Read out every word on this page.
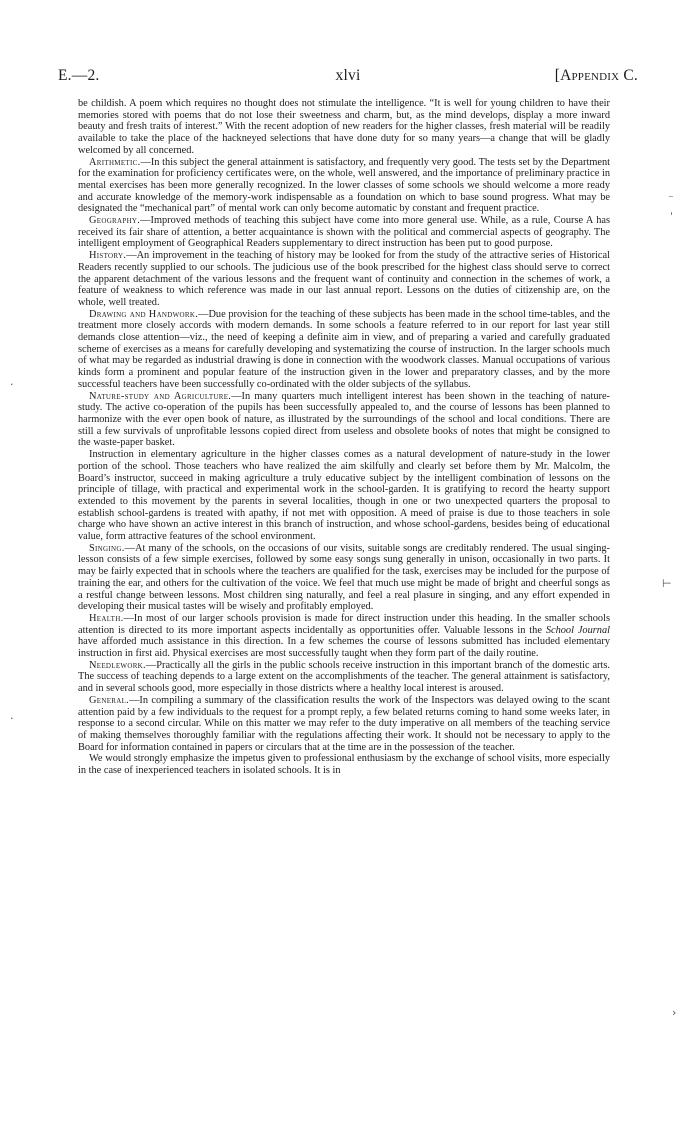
E.—2.	xlvi	[Appendix C.

be childish. A poem which requires no thought does not stimulate the intelligence. “It is well for young children to have their memories stored with poems that do not lose their sweetness and charm, but, as the mind develops, display a more inward beauty and fresh traits of interest.” With the recent adoption of new readers for the higher classes, fresh material will be readily available to take the place of the hackneyed selections that have done duty for so many years—a change that will be gladly welcomed by all concerned.

Arithmetic.—In this subject the general attainment is satisfactory, and frequently very good. The tests set by the Department for the examination for proficiency certificates were, on the whole, well answered, and the importance of preliminary practice in mental exercises has been more generally recognized. In the lower classes of some schools we should welcome a more ready and accurate knowledge of the memory-work indispensable as a foundation on which to base sound progress. What may be designated the “mechanical part” of mental work can only become automatic by constant and frequent practice.

Geography.—Improved methods of teaching this subject have come into more general use. While, as a rule, Course A has received its fair share of attention, a better acquaintance is shown with the political and commercial aspects of geography. The intelligent employment of Geographical Readers supplementary to direct instruction has been put to good purpose.

History.—An improvement in the teaching of history may be looked for from the study of the attractive series of Historical Readers recently supplied to our schools. The judicious use of the book prescribed for the highest class should serve to correct the apparent detachment of the various lessons and the frequent want of continuity and connection in the schemes of work, a feature of weakness to which reference was made in our last annual report. Lessons on the duties of citizenship are, on the whole, well treated.

Drawing and Handwork.—Due provision for the teaching of these subjects has been made in the school time-tables, and the treatment more closely accords with modern demands. In some schools a feature referred to in our report for last year still demands close attention—viz., the need of keeping a definite aim in view, and of preparing a varied and carefully graduated scheme of exercises as a means for carefully developing and systematizing the course of instruction. In the larger schools much of what may be regarded as industrial drawing is done in connection with the woodwork classes. Manual occupations of various kinds form a prominent and popular feature of the instruction given in the lower and preparatory classes, and by the more successful teachers have been successfully co-ordinated with the older subjects of the syllabus.

Nature-study and Agriculture.—In many quarters much intelligent interest has been shown in the teaching of nature-study. The active co-operation of the pupils has been successfully appealed to, and the course of lessons has been planned to harmonize with the ever open book of nature, as illustrated by the surroundings of the school and local conditions. There are still a few survivals of unprofitable lessons copied direct from useless and obsolete books of notes that might be consigned to the waste-paper basket.

Instruction in elementary agriculture in the higher classes comes as a natural development of nature-study in the lower portion of the school. Those teachers who have realized the aim skilfully and clearly set before them by Mr. Malcolm, the Board’s instructor, succeed in making agriculture a truly educative subject by the intelligent combination of lessons on the principle of tillage, with practical and experimental work in the school-garden. It is gratifying to record the hearty support extended to this movement by the parents in several localities, though in one or two unexpected quarters the proposal to establish school-gardens is treated with apathy, if not met with opposition. A meed of praise is due to those teachers in sole charge who have shown an active interest in this branch of instruction, and whose school-gardens, besides being of educational value, form attractive features of the school environment.

Singing.—At many of the schools, on the occasions of our visits, suitable songs are creditably rendered. The usual singing-lesson consists of a few simple exercises, followed by some easy songs sung generally in unison, occasionally in two parts. It may be fairly expected that in schools where the teachers are qualified for the task, exercises may be included for the purpose of training the ear, and others for the cultivation of the voice. We feel that much use might be made of bright and cheerful songs as a restful change between lessons. Most children sing naturally, and feel a real plasure in singing, and any effort expended in developing their musical tastes will be wisely and profitably employed.

Health.—In most of our larger schools provision is made for direct instruction under this heading. In the smaller schools attention is directed to its more important aspects incidentally as opportunities offer. Valuable lessons in the School Journal have afforded much assistance in this direction. In a few schemes the course of lessons submitted has included elementary instruction in first aid. Physical exercises are most successfully taught when they form part of the daily routine.

Needlework.—Practically all the girls in the public schools receive instruction in this important branch of the domestic arts. The success of teaching depends to a large extent on the accomplishments of the teacher. The general attainment is satisfactory, and in several schools good, more especially in those districts where a healthy local interest is aroused.

General.—In compiling a summary of the classification results the work of the Inspectors was delayed owing to the scant attention paid by a few individuals to the request for a prompt reply, a few belated returns coming to hand some weeks later, in response to a second circular. While on this matter we may refer to the duty imperative on all members of the teaching service of making themselves thoroughly familiar with the regulations affecting their work. It should not be necessary to apply to the Board for information contained in papers or circulars that at the time are in the possession of the teacher.

We would strongly emphasize the impetus given to professional enthusiasm by the exchange of school visits, more especially in the case of inexperienced teachers in isolated schools. It is in

⁻
ˈ
·
⊢
·
›
